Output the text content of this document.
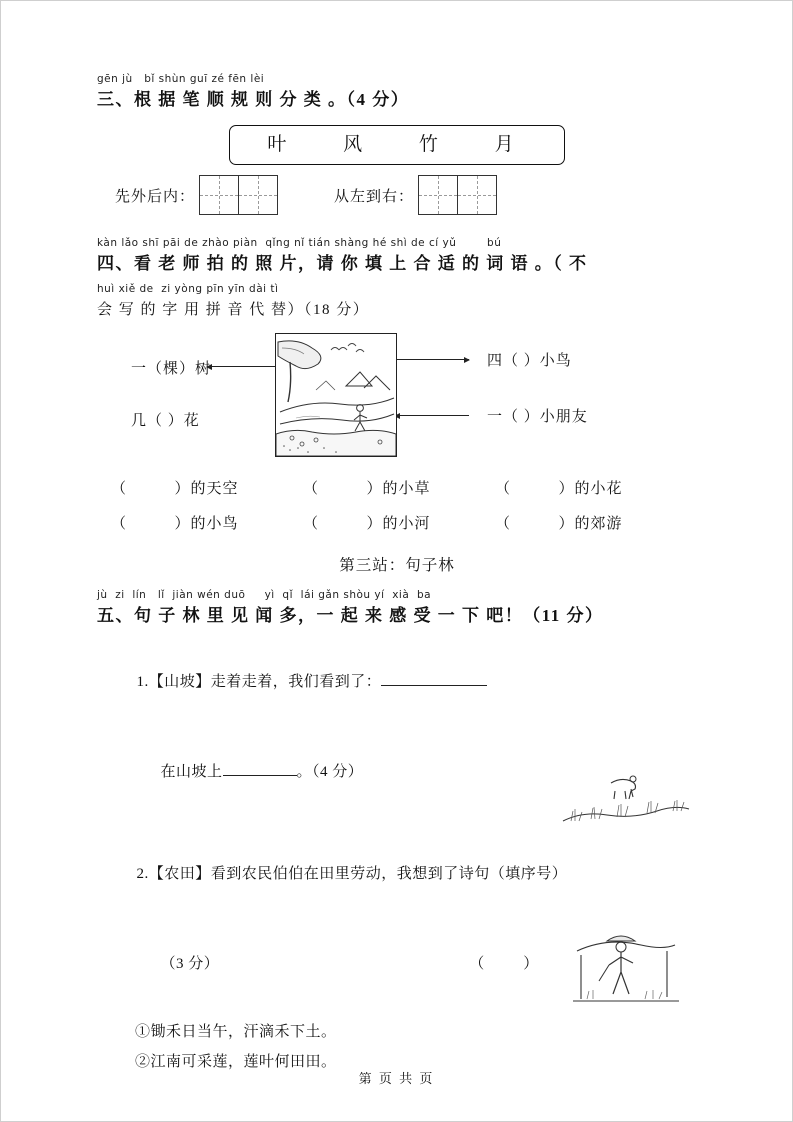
gēn jù   bǐ shùn guī zé fēn lèi
三、根 据 笔 顺 规 则 分 类 。（4 分）
叶 风 竹 月
先外后内：	从左到右：
kàn lǎo shī pāi de zhào piàn  qǐng nǐ tián shàng hé shì de cí yǔ        bú
四、看 老 师 拍 的 照 片，请 你 填 上 合 适 的 词 语 。（ 不
huì xiě de  zi yòng pīn yīn dài tì
会 写 的 字 用 拼 音 代 替）（18 分）
一（棵）树
几（ ）花
四（ ）小鸟
一（ ）小朋友
（          ）的天空	（          ）的小草	（          ）的小花
（          ）的小鸟	（          ）的小河	（          ）的郊游
第三站：句子林
jù  zi  lín   lǐ  jiàn wén duō     yì  qǐ  lái gǎn shòu yí  xià  ba
五、句 子 林 里 见 闻 多，一 起 来 感 受 一 下 吧！（11 分）

1.【山坡】走着走着，我们看到了：

在山坡上	。（4 分）

2.【农田】看到农民伯伯在田里劳动，我想到了诗句（填序号）

（3 分）	（        ）

①锄禾日当午，汗滴禾下土。
②江南可采莲，莲叶何田田。
第 页 共 页
